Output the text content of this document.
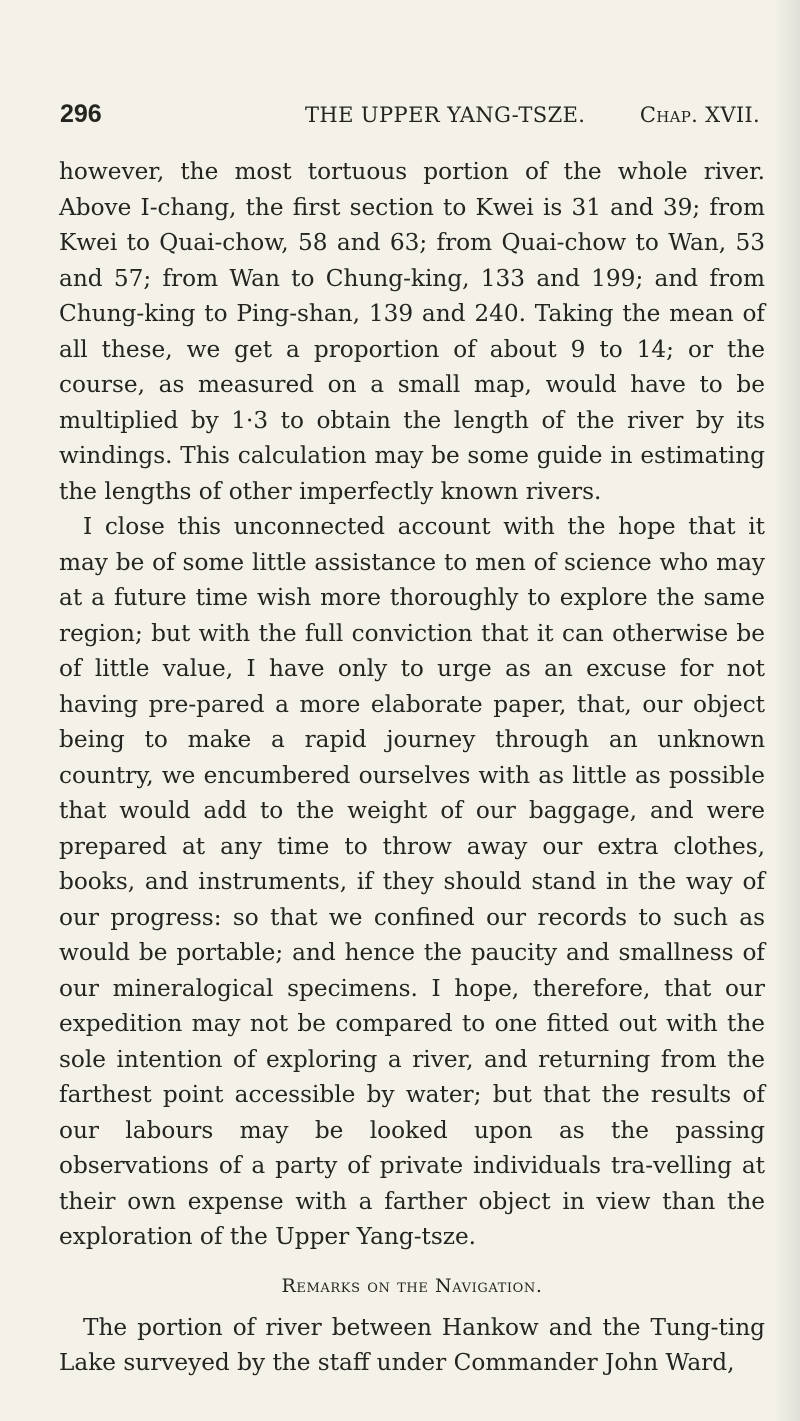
296	THE UPPER YANG-TSZE.	Chap. XVII.

however, the most tortuous portion of the whole river. Above I-chang, the first section to Kwei is 31 and 39; from Kwei to Quai-chow, 58 and 63; from Quai-chow to Wan, 53 and 57; from Wan to Chung-king, 133 and 199; and from Chung-king to Ping-shan, 139 and 240. Taking the mean of all these, we get a proportion of about 9 to 14; or the course, as measured on a small map, would have to be multiplied by 1·3 to obtain the length of the river by its windings. This calculation may be some guide in estimating the lengths of other imperfectly known rivers.

I close this unconnected account with the hope that it may be of some little assistance to men of science who may at a future time wish more thoroughly to explore the same region; but with the full conviction that it can otherwise be of little value, I have only to urge as an excuse for not having pre-pared a more elaborate paper, that, our object being to make a rapid journey through an unknown country, we encumbered ourselves with as little as possible that would add to the weight of our baggage, and were prepared at any time to throw away our extra clothes, books, and instruments, if they should stand in the way of our progress: so that we confined our records to such as would be portable; and hence the paucity and smallness of our mineralogical specimens. I hope, therefore, that our expedition may not be compared to one fitted out with the sole intention of exploring a river, and returning from the farthest point accessible by water; but that the results of our labours may be looked upon as the passing observations of a party of private individuals tra-velling at their own expense with a farther object in view than the exploration of the Upper Yang-tsze.

Remarks on the Navigation.

The portion of river between Hankow and the Tung-ting Lake surveyed by the staff under Commander John Ward,
